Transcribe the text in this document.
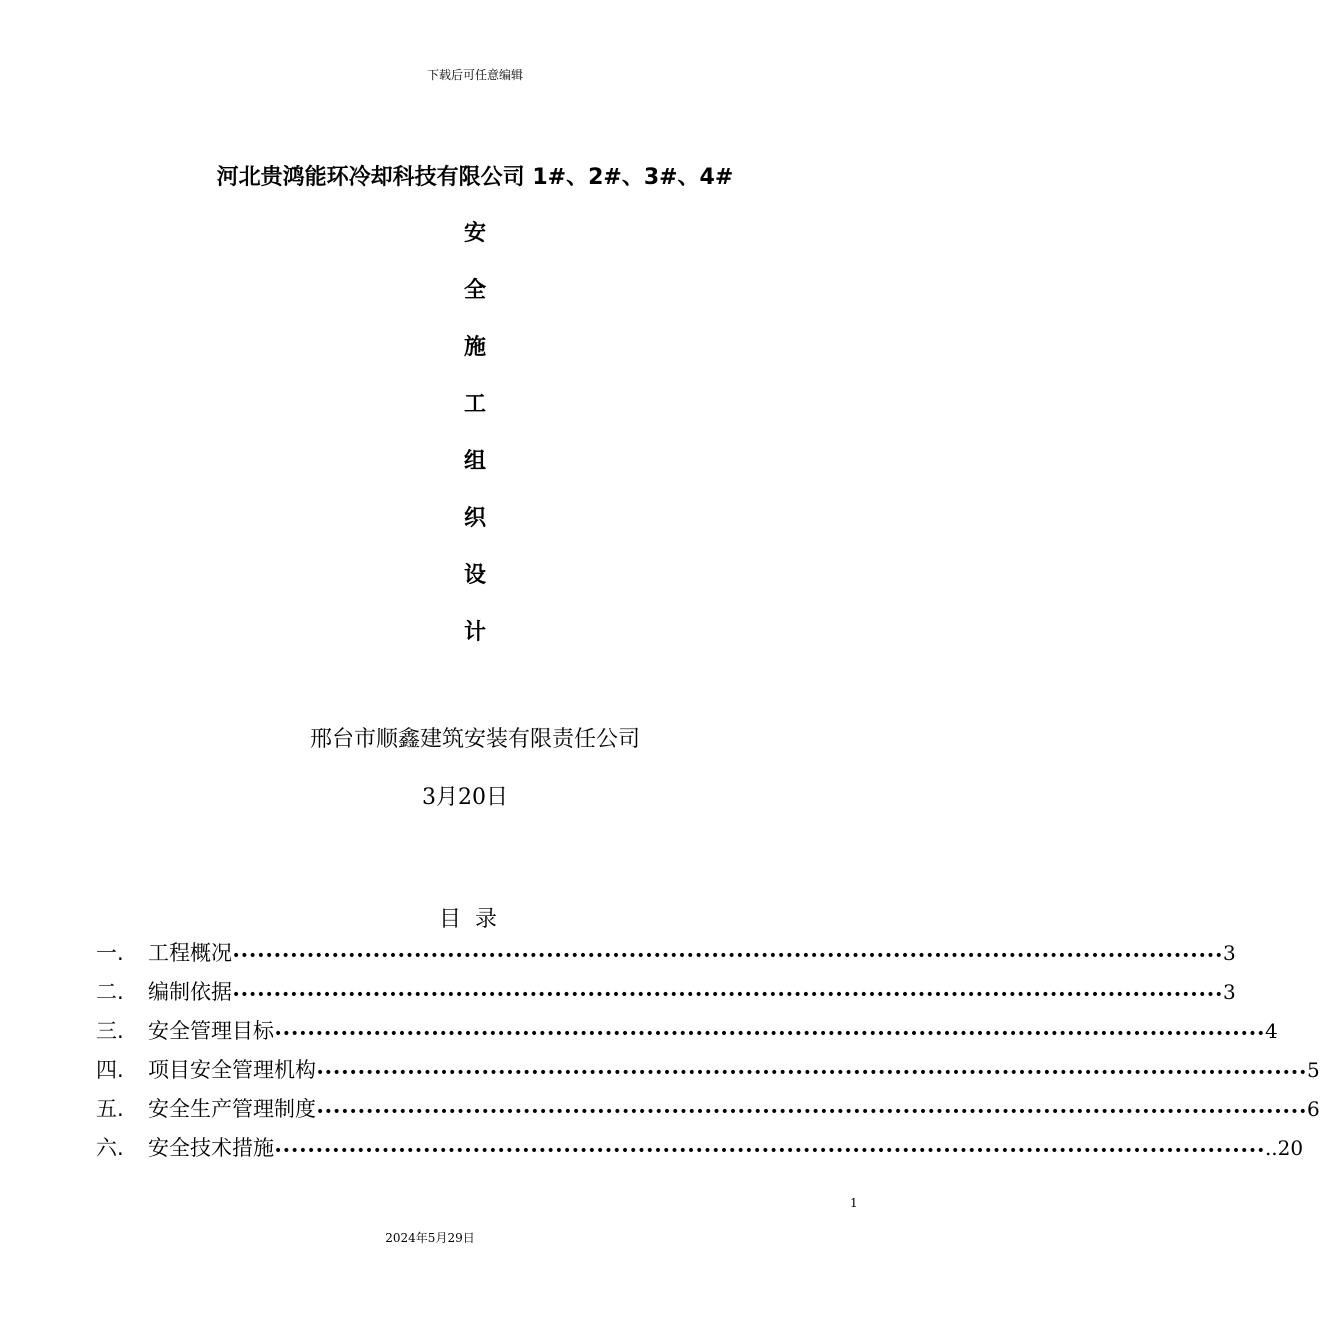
下载后可任意编辑
河北贵鸿能环冷却科技有限公司 1#、2#、3#、4#
安
全
施
工
组
织
设
计
邢台市顺鑫建筑安装有限责任公司
3月20日
目录
一.	工程概况 •••••••••••••••••••••••••••••••••••••••••••••••••••••••••••••••••••••••••••••••••••••••••••••••••••••••••••••••••••••••• 3
二.	编制依据 •••••••••••••••••••••••••••••••••••••••••••••••••••••••••••••••••••••••••••••••••••••••••••••••••••••••••••••••••••••••• 3
三.	安全管理目标 •••••••••••••••••••••••••••••••••••••••••••••••••••••••••••••••••••••••••••••••••••••••••••••••••••••••••••••••••••••••• 4
四.	项目安全管理机构 •••••••••••••••••••••••••••••••••••••••••••••••••••••••••••••••••••••••••••••••••••••••••••••••••••••••••••••••••••••••• 5
五.	安全生产管理制度 •••••••••••••••••••••••••••••••••••••••••••••••••••••••••••••••••••••••••••••••••••••••••••••••••••••••••••••••••••••••• 6
六.	安全技术措施 •••••••••••••••••••••••••••••••••••••••••••••••••••••••••••••••••••••••••••••••••••••••••••••••••••••••••••••••••••••••• ..20
1
2024年5月29日
